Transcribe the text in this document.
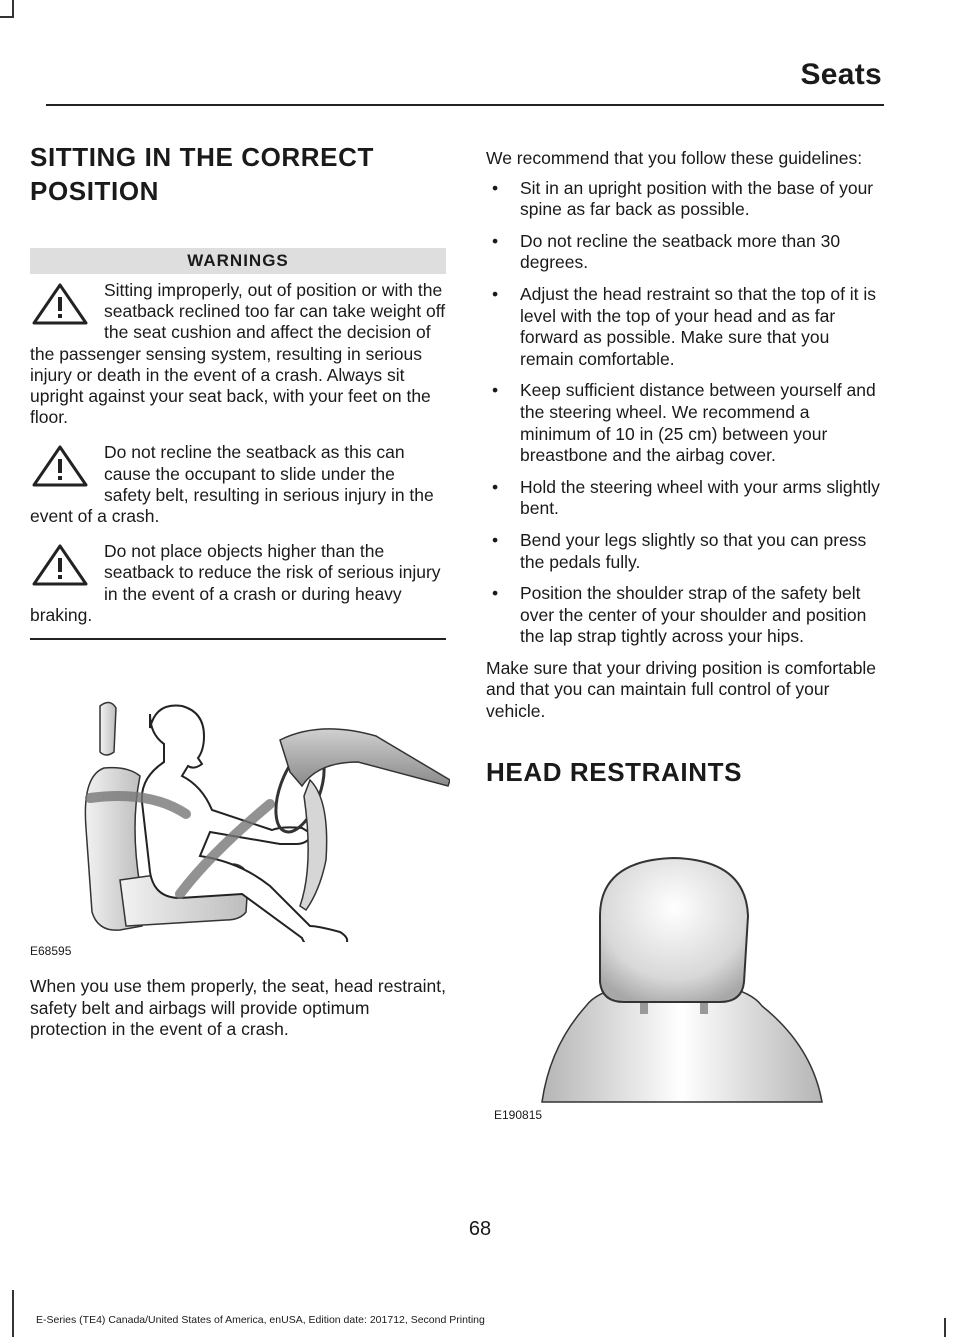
Seats
SITTING IN THE CORRECT POSITION
WARNINGS

Sitting improperly, out of position or with the seatback reclined too far can take weight off the seat cushion and affect the decision of the passenger sensing system, resulting in serious injury or death in the event of a crash. Always sit upright against your seat back, with your feet on the floor.

Do not recline the seatback as this can cause the occupant to slide under the safety belt, resulting in serious injury in the event of a crash.

Do not place objects higher than the seatback to reduce the risk of serious injury in the event of a crash or during heavy braking.

E68595

When you use them properly, the seat, head restraint, safety belt and airbags will provide optimum protection in the event of a crash.

We recommend that you follow these guidelines:

• Sit in an upright position with the base of your spine as far back as possible.
• Do not recline the seatback more than 30 degrees.
• Adjust the head restraint so that the top of it is level with the top of your head and as far forward as possible. Make sure that you remain comfortable.
• Keep sufficient distance between yourself and the steering wheel. We recommend a minimum of 10 in (25 cm) between your breastbone and the airbag cover.
• Hold the steering wheel with your arms slightly bent.
• Bend your legs slightly so that you can press the pedals fully.
• Position the shoulder strap of the safety belt over the center of your shoulder and position the lap strap tightly across your hips.

Make sure that your driving position is comfortable and that you can maintain full control of your vehicle.

HEAD RESTRAINTS
E190815
68
E-Series (TE4) Canada/United States of America, enUSA, Edition date: 201712, Second Printing
